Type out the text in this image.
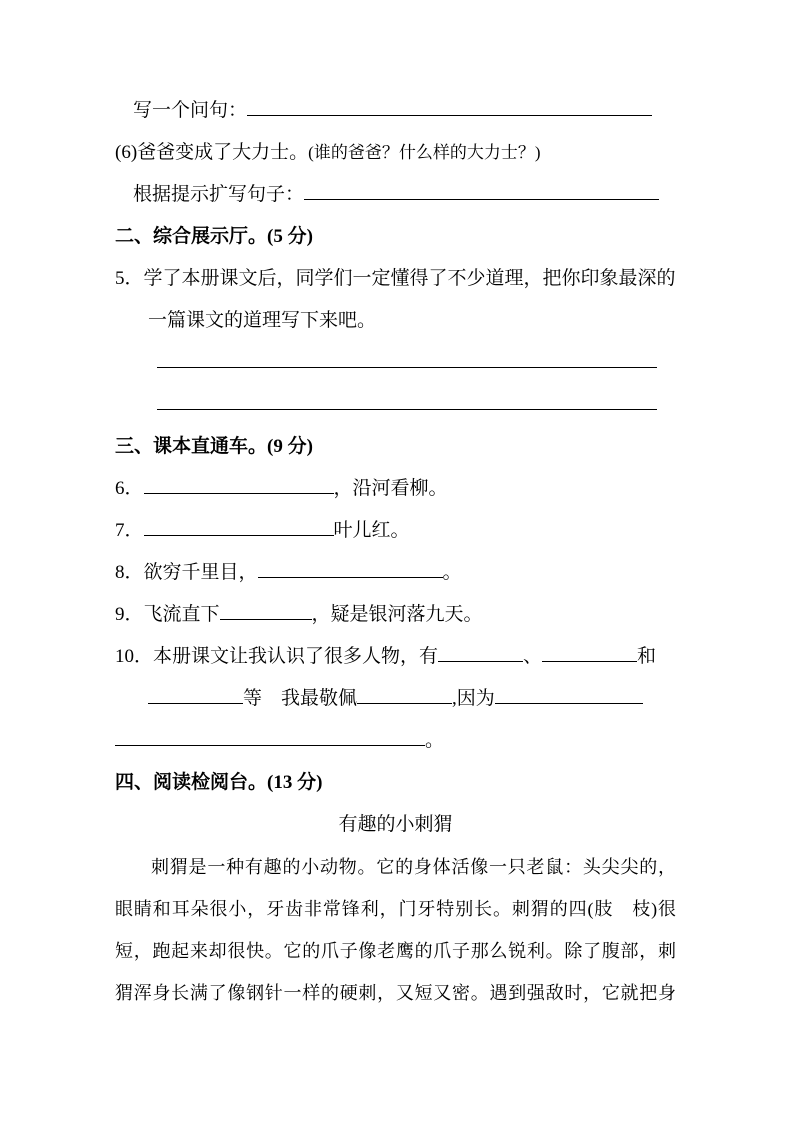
写一个问句：
(6)爸爸变成了大力士。(谁的爸爸？什么样的大力士？)
根据提示扩写句子：
二、综合展示厅。(5 分)
5．学了本册课文后，同学们一定懂得了不少道理，把你印象最深的
一篇课文的道理写下来吧。
三、课本直通车。(9 分)
6．	，沿河看柳。
7．	叶儿红。
8．欲穷千里目，	。
9．飞流直下	，疑是银河落九天。
10．本册课文让我认识了很多人物，有	、	和
等　我最敬佩	,因为
。
四、阅读检阅台。(13 分)
有趣的小刺猬
刺猬是一种有趣的小动物。它的身体活像一只老鼠：头尖尖的，
眼睛和耳朵很小，牙齿非常锋利，门牙特别长。刺猬的四(肢　枝)很
短，跑起来却很快。它的爪子像老鹰的爪子那么锐利。除了腹部，刺
猬浑身长满了像钢针一样的硬刺，又短又密。遇到强敌时，它就把身
